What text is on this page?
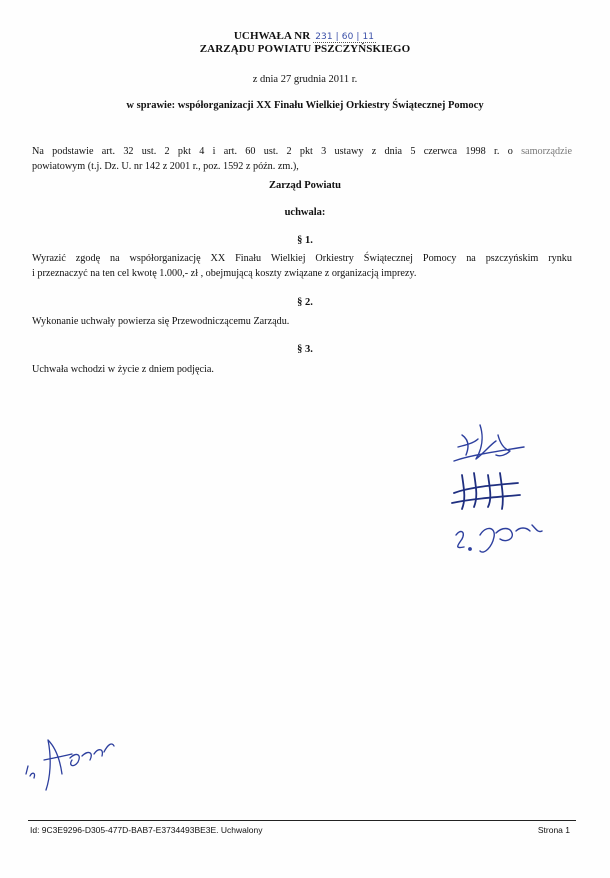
UCHWAŁA NR 231 | 60 | 11
ZARZĄDU POWIATU PSZCZYŃSKIEGO
z dnia 27 grudnia 2011 r.
w sprawie: współorganizacji XX Finału Wielkiej Orkiestry Świątecznej Pomocy
Na podstawie art. 32 ust. 2 pkt 4 i art. 60 ust. 2 pkt 3 ustawy z dnia 5 czerwca 1998 r. o samorządzie
powiatowym (t.j. Dz. U. nr 142 z 2001 r., poz. 1592 z późn. zm.),
Zarząd Powiatu
uchwala:
§ 1.
Wyrazić zgodę na współorganizację XX Finału Wielkiej Orkiestry Świątecznej Pomocy na pszczyńskim rynku
i przeznaczyć na ten cel kwotę 1.000,- zł , obejmującą koszty związane z organizacją imprezy.
§ 2.
Wykonanie uchwały powierza się Przewodniczącemu Zarządu.
§ 3.
Uchwała wchodzi w życie z dniem podjęcia.
Id: 9C3E9296-D305-477D-BAB7-E3734493BE3E. Uchwalony	Strona 1
